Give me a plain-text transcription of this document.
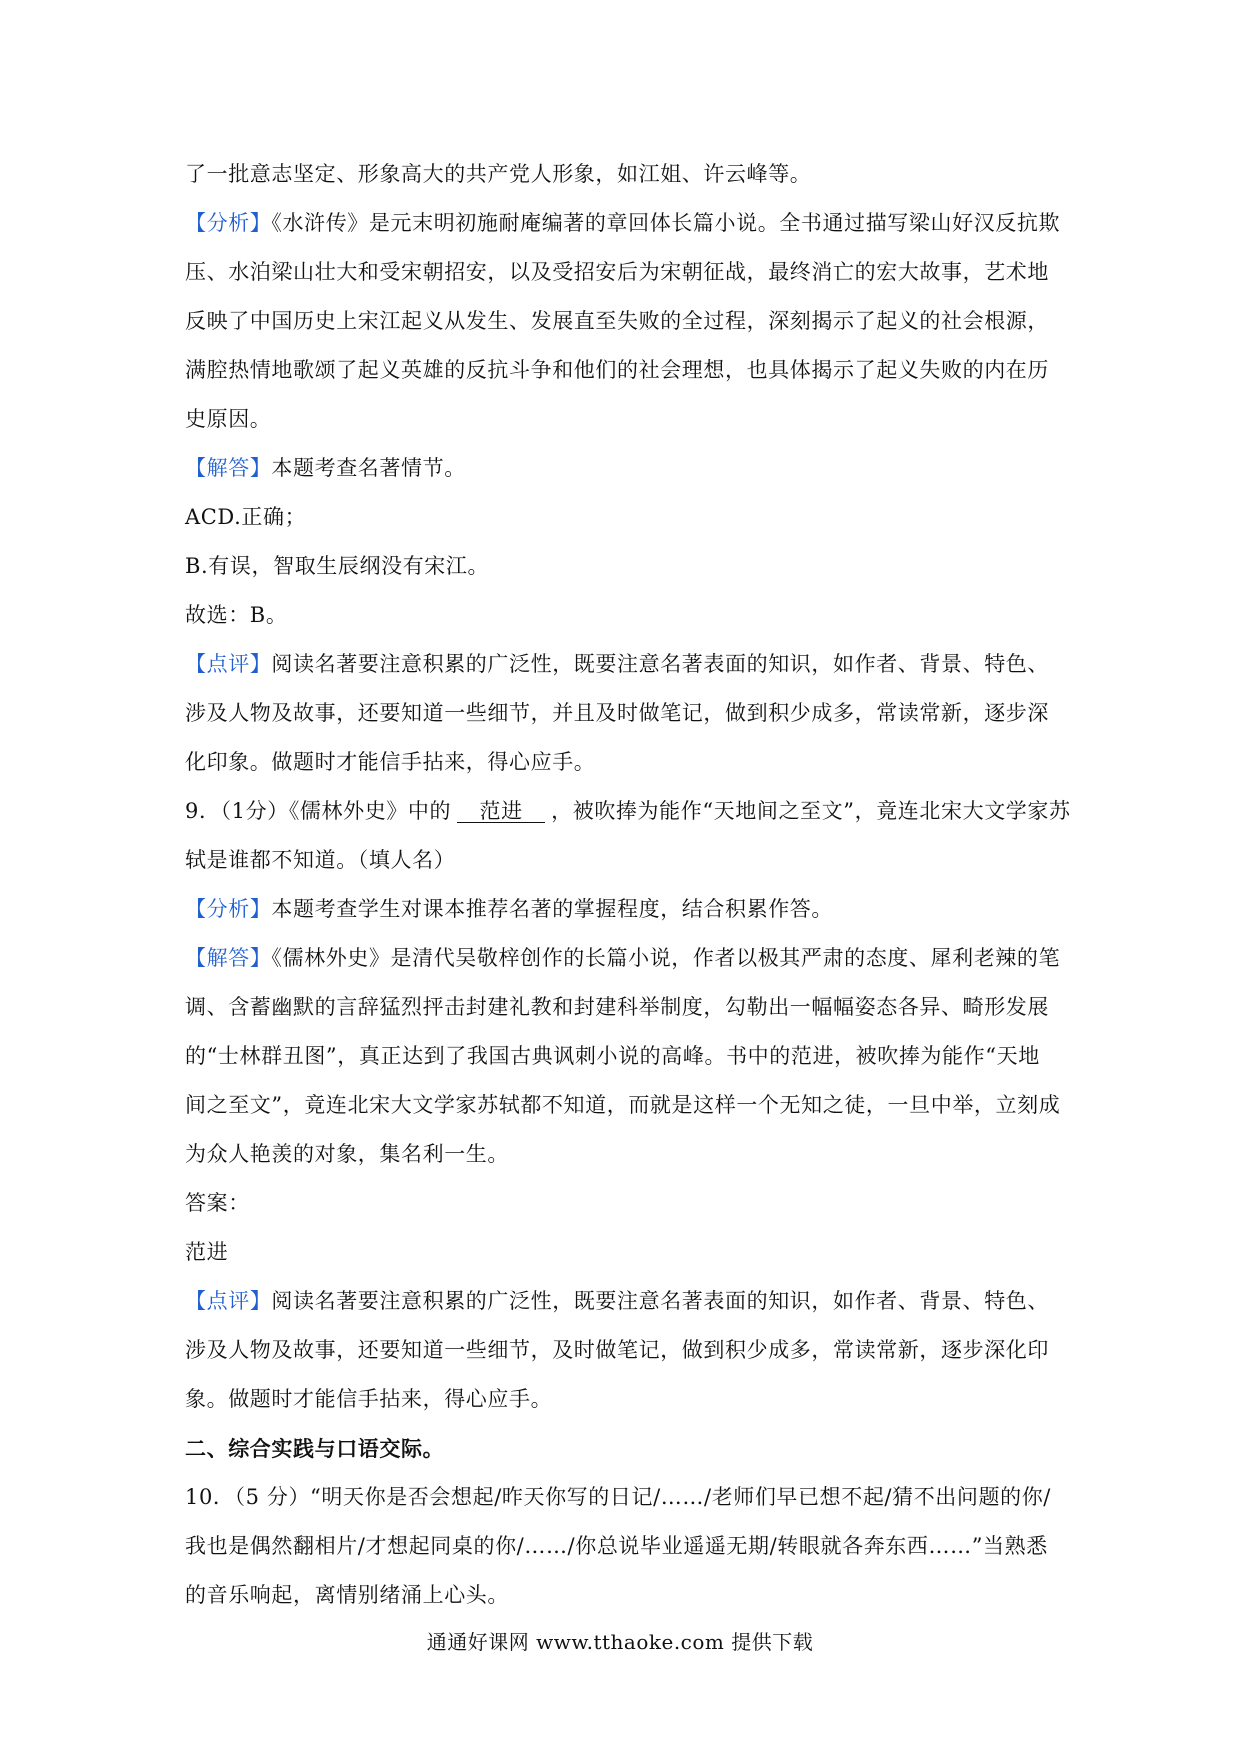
了一批意志坚定、形象高大的共产党人形象，如江姐、许云峰等。
【分析】《水浒传》是元末明初施耐庵编著的章回体长篇小说。全书通过描写梁山好汉反抗欺
压、水泊梁山壮大和受宋朝招安，以及受招安后为宋朝征战，最终消亡的宏大故事，艺术地
反映了中国历史上宋江起义从发生、发展直至失败的全过程，深刻揭示了起义的社会根源，
满腔热情地歌颂了起义英雄的反抗斗争和他们的社会理想，也具体揭示了起义失败的内在历
史原因。
【解答】本题考查名著情节。
ACD.正确；
B.有误，智取生辰纲没有宋江。
故选：B。
【点评】阅读名著要注意积累的广泛性，既要注意名著表面的知识，如作者、背景、特色、
涉及人物及故事，还要知道一些细节，并且及时做笔记，做到积少成多，常读常新，逐步深
化印象。做题时才能信手拈来，得心应手。
9．（1分）《儒林外史》中的 范进 ，被吹捧为能作“天地间之至文”，竟连北宋大文学家苏
轼是谁都不知道。（填人名）
【分析】本题考查学生对课本推荐名著的掌握程度，结合积累作答。
【解答】《儒林外史》是清代吴敬梓创作的长篇小说，作者以极其严肃的态度、犀利老辣的笔
调、含蓄幽默的言辞猛烈抨击封建礼教和封建科举制度，勾勒出一幅幅姿态各异、畸形发展
的“士林群丑图”，真正达到了我国古典讽刺小说的高峰。书中的范进，被吹捧为能作“天地
间之至文”，竟连北宋大文学家苏轼都不知道，而就是这样一个无知之徒，一旦中举，立刻成
为众人艳羡的对象，集名利一生。
答案：
范进
【点评】阅读名著要注意积累的广泛性，既要注意名著表面的知识，如作者、背景、特色、
涉及人物及故事，还要知道一些细节，及时做笔记，做到积少成多，常读常新，逐步深化印
象。做题时才能信手拈来，得心应手。
二、综合实践与口语交际。
10．（5 分）“明天你是否会想起/昨天你写的日记/……/老师们早已想不起/猜不出问题的你/
我也是偶然翻相片/才想起同桌的你/……/你总说毕业遥遥无期/转眼就各奔东西……”当熟悉
的音乐响起，离情别绪涌上心头。
通通好课网 www.tthaoke.com 提供下载
